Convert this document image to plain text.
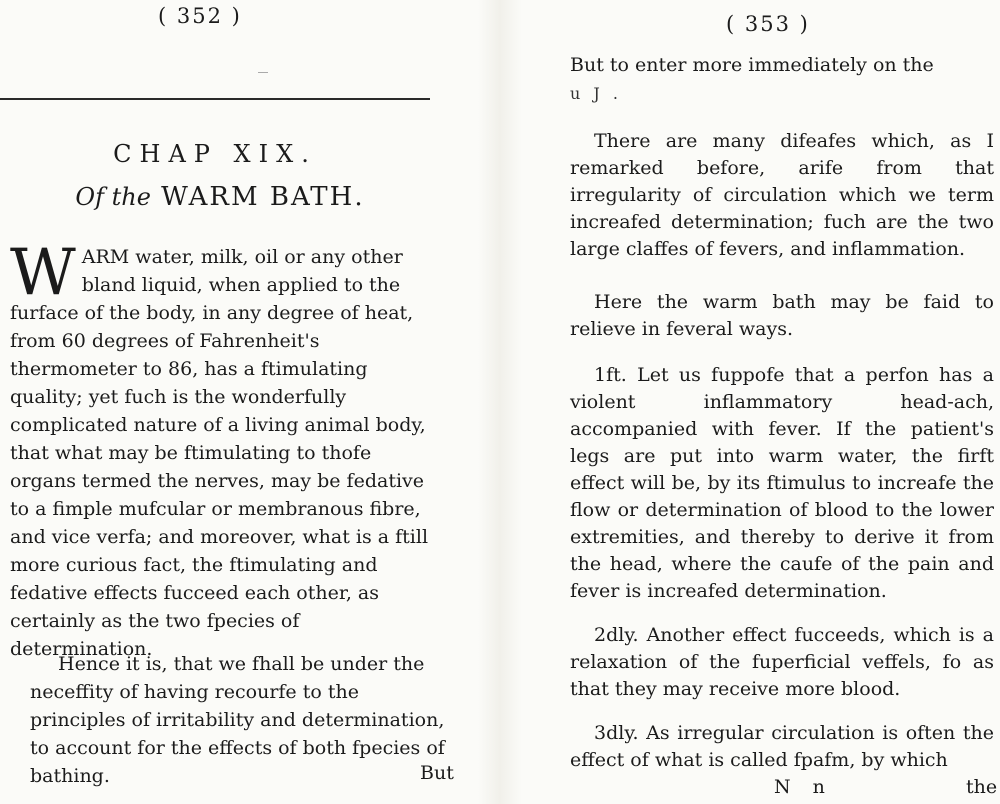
( 352 )
CHAP XIX.
Of the WARM BATH.

W ARM water, milk, oil or any other bland liquid, when applied to the furface of the body, in any degree of heat, from 60 degrees of Fahrenheit's thermometer to 86, has a ftimulating quality; yet fuch is the wonderfully complicated nature of a living animal body, that what may be ftimulating to thofe organs termed the nerves, may be fedative to a fimple mufcular or membranous fibre, and vice verfa; and moreover, what is a ftill more curious fact, the ftimulating and fedative effects fucceed each other, as certainly as the two fpecies of determination.

Hence it is, that we fhall be under the neceffity of having recourfe to the principles of irritability and determination, to account for the effects of both fpecies of bathing.	But
( 353 )

But to enter more immediately on the

u J .

There are many difeafes which, as I remarked before, arife from that irregularity of circulation which we term increafed determination; fuch are the two large claffes of fevers, and inflammation.

Here the warm bath may be faid to relieve in feveral ways.

1ft. Let us fuppofe that a perfon has a violent inflammatory head-ach, accompanied with fever. If the patient's legs are put into warm water, the firft effect will be, by its ftimulus to increafe the flow or determination of blood to the lower extremities, and thereby to derive it from the head, where the caufe of the pain and fever is increafed determination.

2dly. Another effect fucceeds, which is a relaxation of the fuperficial veffels, fo as that they may receive more blood.

3dly. As irregular circulation is often the effect of what is called fpafm, by which

N n	the
